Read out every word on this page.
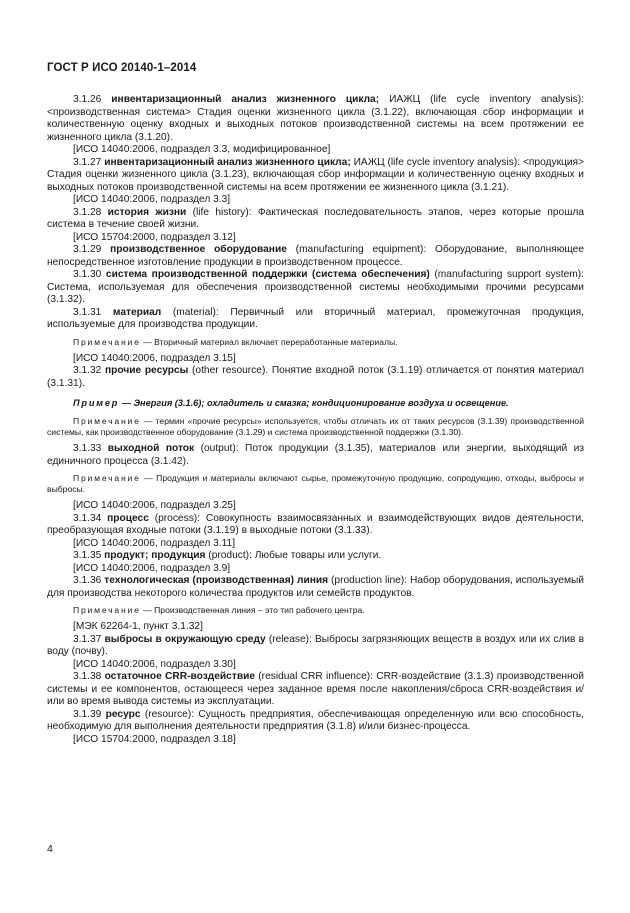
ГОСТ Р ИСО 20140-1–2014

3.1.26 инвентаризационный анализ жизненного цикла; ИАЖЦ (life cycle inventory analysis): <производственная система> Стадия оценки жизненного цикла (3.1.22), включающая сбор информации и количественную оценку входных и выходных потоков производственной системы на всем протяжении ее жизненного цикла (3.1.20).

[ИСО 14040:2006, подраздел 3.3, модифицированное]

3.1.27 инвентаризационный анализ жизненного цикла; ИАЖЦ (life cycle inventory analysis): <продукция> Стадия оценки жизненного цикла (3.1.23), включающая сбор информации и количественную оценку входных и выходных потоков производственной системы на всем протяжении ее жизненного цикла (3.1.21).

[ИСО 14040:2006, подраздел 3.3]

3.1.28 история жизни (life history): Фактическая последовательность этапов, через которые прошла система в течение своей жизни.

[ИСО 15704:2000, подраздел 3.12]

3.1.29 производственное оборудование (manufacturing equipment): Оборудование, выполняющее непосредственное изготовление продукции в производственном процессе.

3.1.30 система производственной поддержки (система обеспечения) (manufacturing support system): Система, используемая для обеспечения производственной системы необходимыми прочими ресурсами (3.1.32).

3.1.31 материал (material): Первичный или вторичный материал, промежуточная продукция, используемые для производства продукции.

Примечание — Вторичный материал включает переработанные материалы.

[ИСО 14040:2006, подраздел 3.15]

3.1.32 прочие ресурсы (other resource). Понятие входной поток (3.1.19) отличается от понятия материал (3.1.31).

Пример — Энергия (3.1.6); охладитель и смазка; кондиционирование воздуха и освещение.

Примечание — термин «прочие ресурсы» используется, чтобы отличать их от таких ресурсов (3.1.39) производственной системы, как производственное оборудование (3.1.29) и система производственной поддержки (3.1.30).

3.1.33 выходной поток (output): Поток продукции (3.1.35), материалов или энергии, выходящий из единичного процесса (3.1.42).

Примечание — Продукция и материалы включают сырье, промежуточную продукцию, сопродукцию, отходы, выбросы и выбросы.

[ИСО 14040:2006, подраздел 3.25]

3.1.34 процесс (process): Совокупность взаимосвязанных и взаимодействующих видов деятельности, преобразующая входные потоки (3.1.19) в выходные потоки (3.1.33).

[ИСО 14040:2006, подраздел 3.11]

3.1.35 продукт; продукция (product): Любые товары или услуги.

[ИСО 14040:2006, подраздел 3.9]

3.1.36 технологическая (производственная) линия (production line): Набор оборудования, используемый для производства некоторого количества продуктов или семейств продуктов.

Примечание — Производственная линия – это тип рабочего центра.

[МЭК 62264-1, пункт 3.1.32]

3.1.37 выбросы в окружающую среду (release): Выбросы загрязняющих веществ в воздух или их слив в воду (почву).

[ИСО 14040:2006, подраздел 3.30]

3.1.38 остаточное CRR-воздействие (residual CRR influence): CRR-воздействие (3.1.3) производственной системы и ее компонентов, остающееся через заданное время после накопления/сброса CRR-воздействия и/или во время вывода системы из эксплуатации.

3.1.39 ресурс (resource): Сущность предприятия, обеспечивающая определенную или всю способность, необходимую для выполнения деятельности предприятия (3.1.8) и/или бизнес-процесса.

[ИСО 15704:2000, подраздел 3.18]

4
